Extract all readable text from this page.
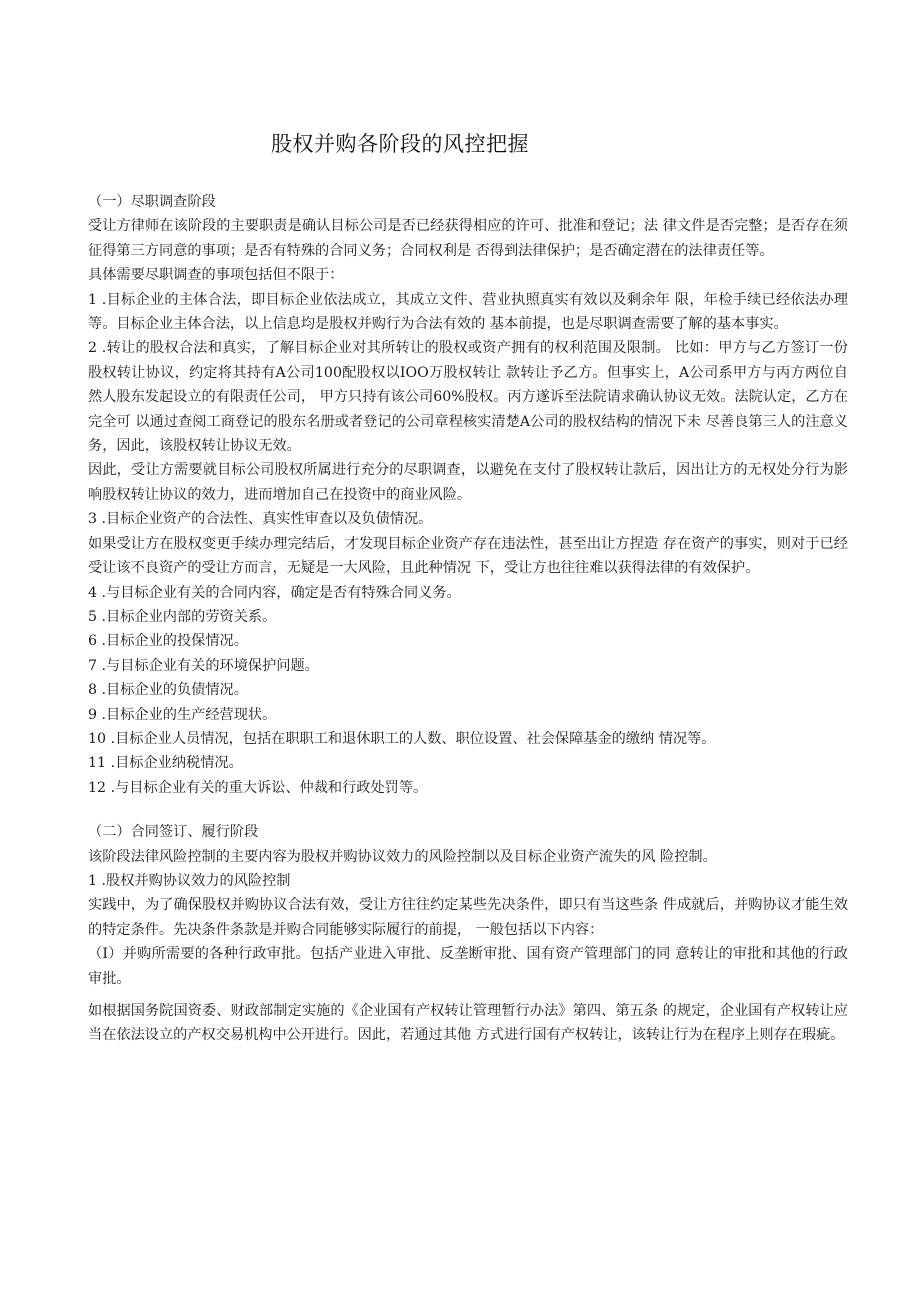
股权并购各阶段的风控把握

（一）尽职调查阶段

受让方律师在该阶段的主要职责是确认目标公司是否已经获得相应的许可、批准和登记；法 律文件是否完整；是否存在须征得第三方同意的事项；是否有特殊的合同义务；合同权利是 否得到法律保护；是否确定潜在的法律责任等。

具体需要尽职调查的事项包括但不限于：

1 .目标企业的主体合法，即目标企业依法成立，其成立文件、营业执照真实有效以及剩余年 限，年检手续已经依法办理等。目标企业主体合法，以上信息均是股权并购行为合法有效的 基本前提，也是尽职调查需要了解的基本事实。

2 .转让的股权合法和真实，了解目标企业对其所转让的股权或资产拥有的权利范围及限制。 比如：甲方与乙方签订一份股权转让协议，约定将其持有A公司100配股权以IOO万股权转让 款转让予乙方。但事实上，A公司系甲方与丙方两位自然人股东发起设立的有限责任公司， 甲方只持有该公司60%股权。丙方遂诉至法院请求确认协议无效。法院认定，乙方在完全可 以通过查阅工商登记的股东名册或者登记的公司章程核实清楚A公司的股权结构的情况下未 尽善良第三人的注意义务，因此，该股权转让协议无效。

因此，受让方需要就目标公司股权所属进行充分的尽职调查，以避免在支付了股权转让款后，因出让方的无权处分行为影响股权转让协议的效力，进而增加自己在投资中的商业风险。

3 .目标企业资产的合法性、真实性审查以及负债情况。

如果受让方在股权变更手续办理完结后，才发现目标企业资产存在违法性，甚至出让方捏造 存在资产的事实，则对于已经受让该不良资产的受让方而言，无疑是一大风险，且此种情况 下，受让方也往往难以获得法律的有效保护。

4 .与目标企业有关的合同内容，确定是否有特殊合同义务。

5 .目标企业内部的劳资关系。

6 .目标企业的投保情况。

7 .与目标企业有关的环境保护问题。

8 .目标企业的负债情况。

9 .目标企业的生产经营现状。

10 .目标企业人员情况，包括在职职工和退休职工的人数、职位设置、社会保障基金的缴纳 情况等。

11 .目标企业纳税情况。

12 .与目标企业有关的重大诉讼、仲裁和行政处罚等。

（二）合同签订、履行阶段

该阶段法律风险控制的主要内容为股权并购协议效力的风险控制以及目标企业资产流失的风 险控制。

1 .股权并购协议效力的风险控制

实践中，为了确保股权并购协议合法有效，受让方往往约定某些先决条件，即只有当这些条 件成就后，并购协议才能生效的特定条件。先决条件条款是并购合同能够实际履行的前提， 一般包括以下内容：

（I）并购所需要的各种行政审批。包括产业进入审批、反垄断审批、国有资产管理部门的同 意转让的审批和其他的行政审批。

如根据国务院国资委、财政部制定实施的《企业国有产权转让管理暂行办法》第四、第五条 的规定，企业国有产权转让应当在依法设立的产权交易机构中公开进行。因此，若通过其他 方式进行国有产权转让，该转让行为在程序上则存在瑕疵。
